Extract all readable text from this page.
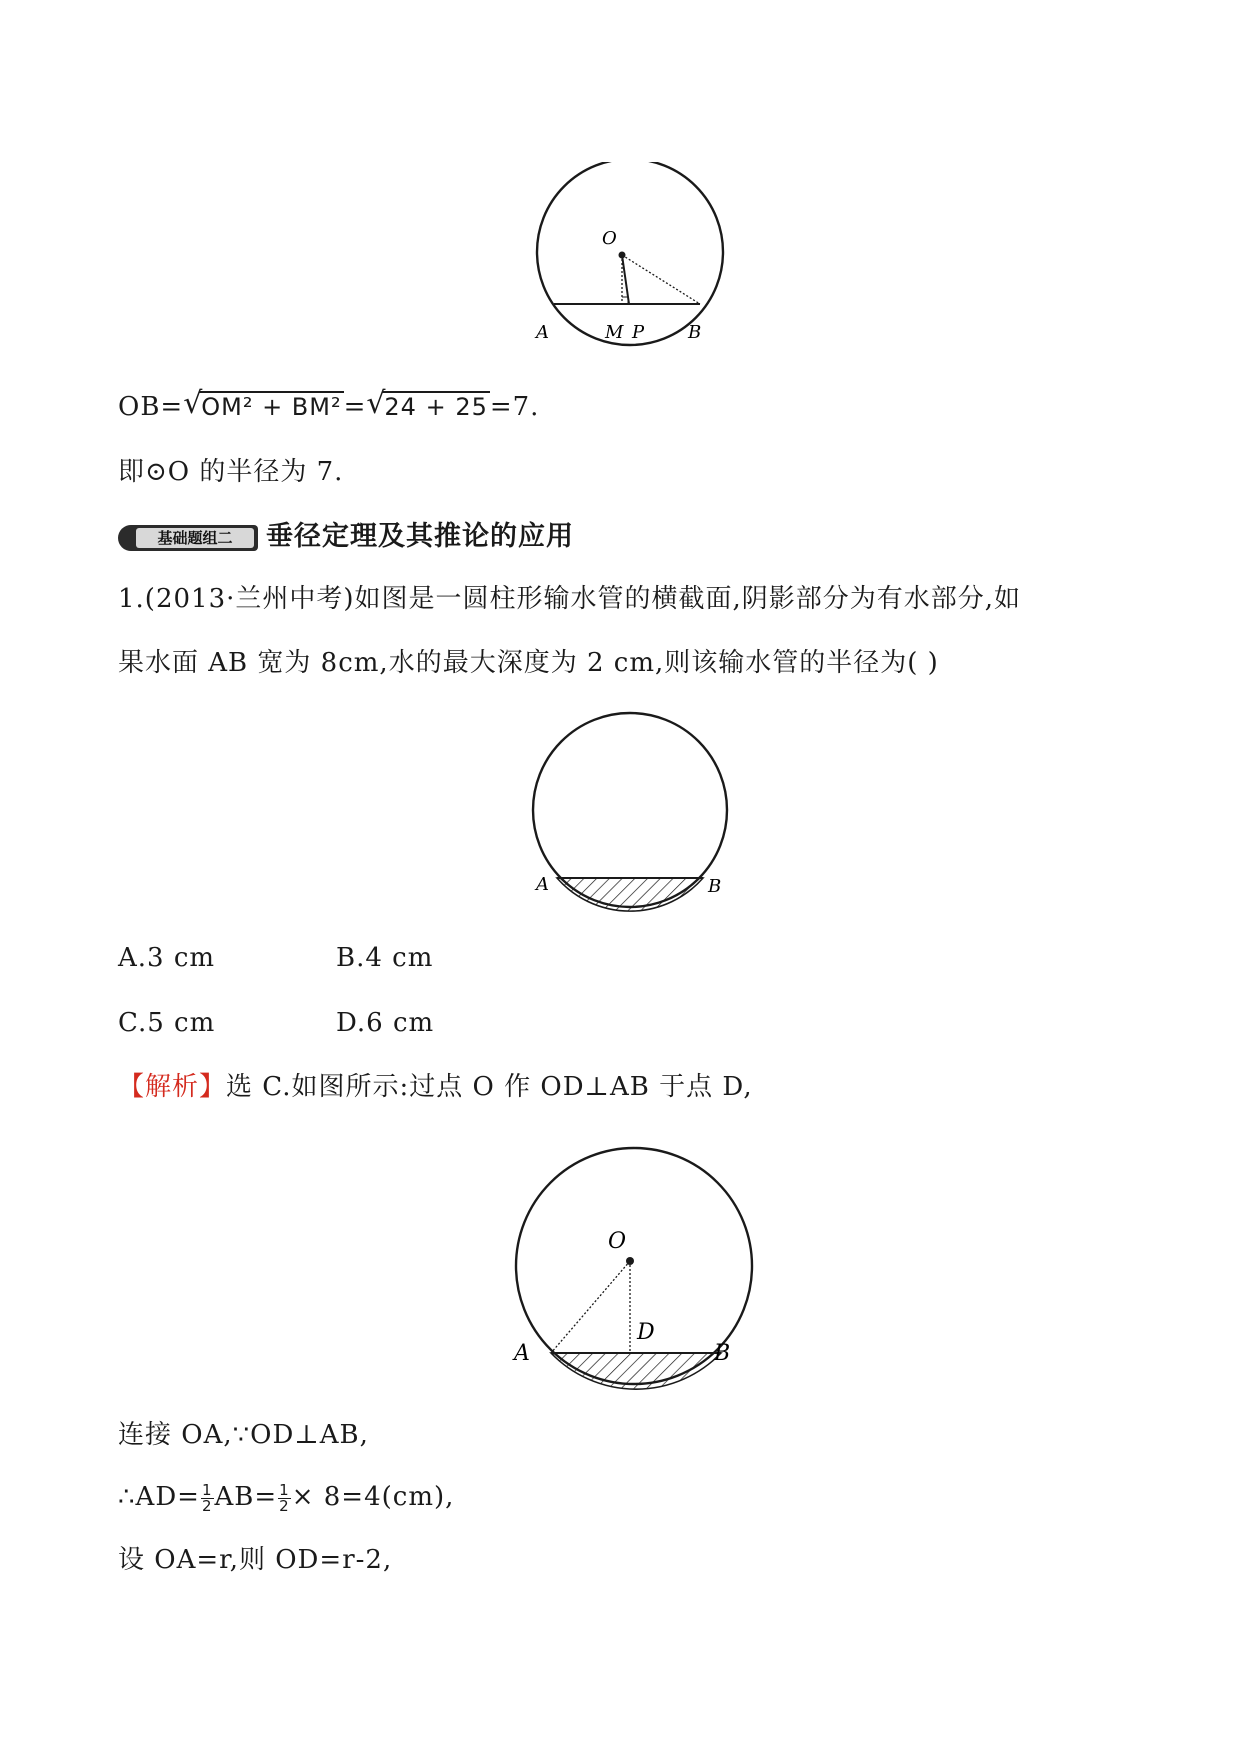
O
A	M P B
OB= √
OM² + BM²= √
24 + 25=7.
即⊙O 的半径为 7.
基础题组二	垂径定理及其推论的应用
1.(2013·兰州中考)如图是一圆柱形输水管的横截面,阴影部分为有水部分,如
果水面 AB 宽为 8cm,水的最大深度为 2 cm,则该输水管的半径为( )
A	B
A.3 cm	B.4 cm
C.5 cm	D.6 cm
【解析】选 C.如图所示:过点 O 作 OD⊥AB 于点 D,
O
D
A	B
连接 OA,∵OD⊥AB,
∴AD= $\frac{1}{2} AB= \frac{1}{2} \times 8=4(cm)$,
设 OA=r,则 OD=r-2,
